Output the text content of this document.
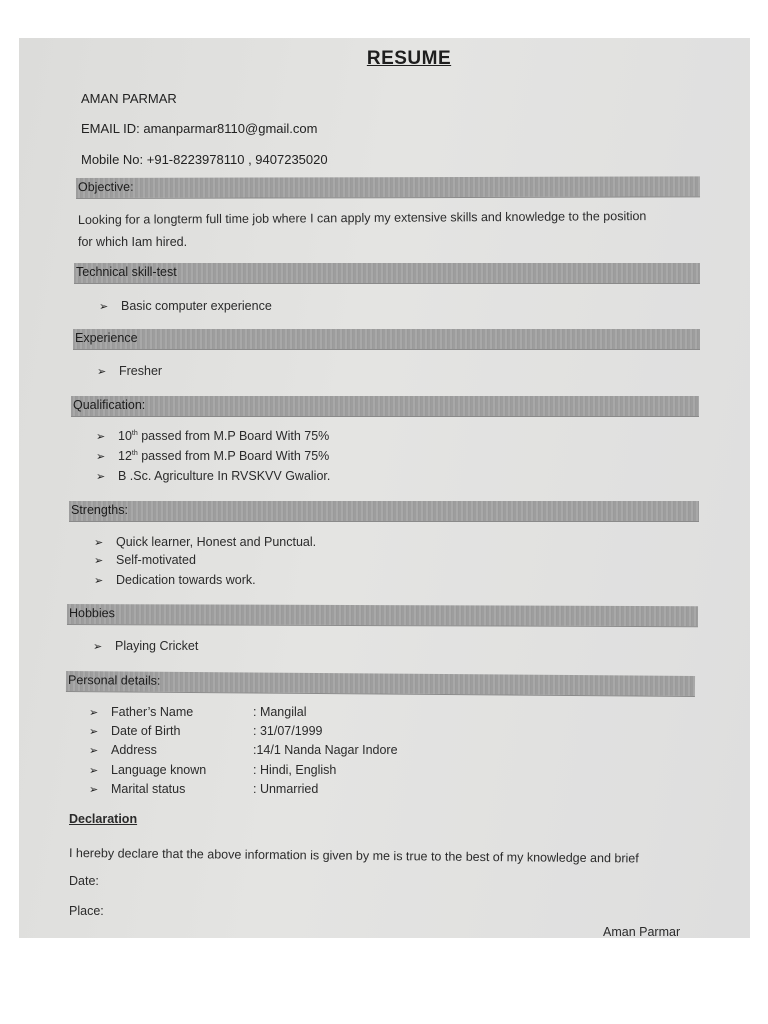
RESUME
AMAN PARMAR
EMAIL ID: amanparmar8110@gmail.com
Mobile No: +91-8223978110 , 9407235020
Objective:
Looking for a longterm full time job where I can apply my extensive skills and knowledge to the position
for which Iam hired.
Technical skill-test
➢ Basic computer experience
Experience
➢ Fresher
Qualification:
➢ 10th passed from M.P Board With 75%
➢ 12th passed from M.P Board With 75%
➢ B .Sc. Agriculture In RVSKVV Gwalior.
Strengths:
➢ Quick learner, Honest and Punctual.
➢ Self-motivated
➢ Dedication towards work.
Hobbies
➢ Playing Cricket
Personal details:
➢ Father’s Name	: Mangilal
➢ Date of Birth	: 31/07/1999
➢ Address	:14/1 Nanda Nagar Indore
➢ Language known	: Hindi, English
➢ Marital status	: Unmarried
Declaration
I hereby declare that the above information is given by me is true to the best of my knowledge and brief
Date:
Place:
Aman Parmar
